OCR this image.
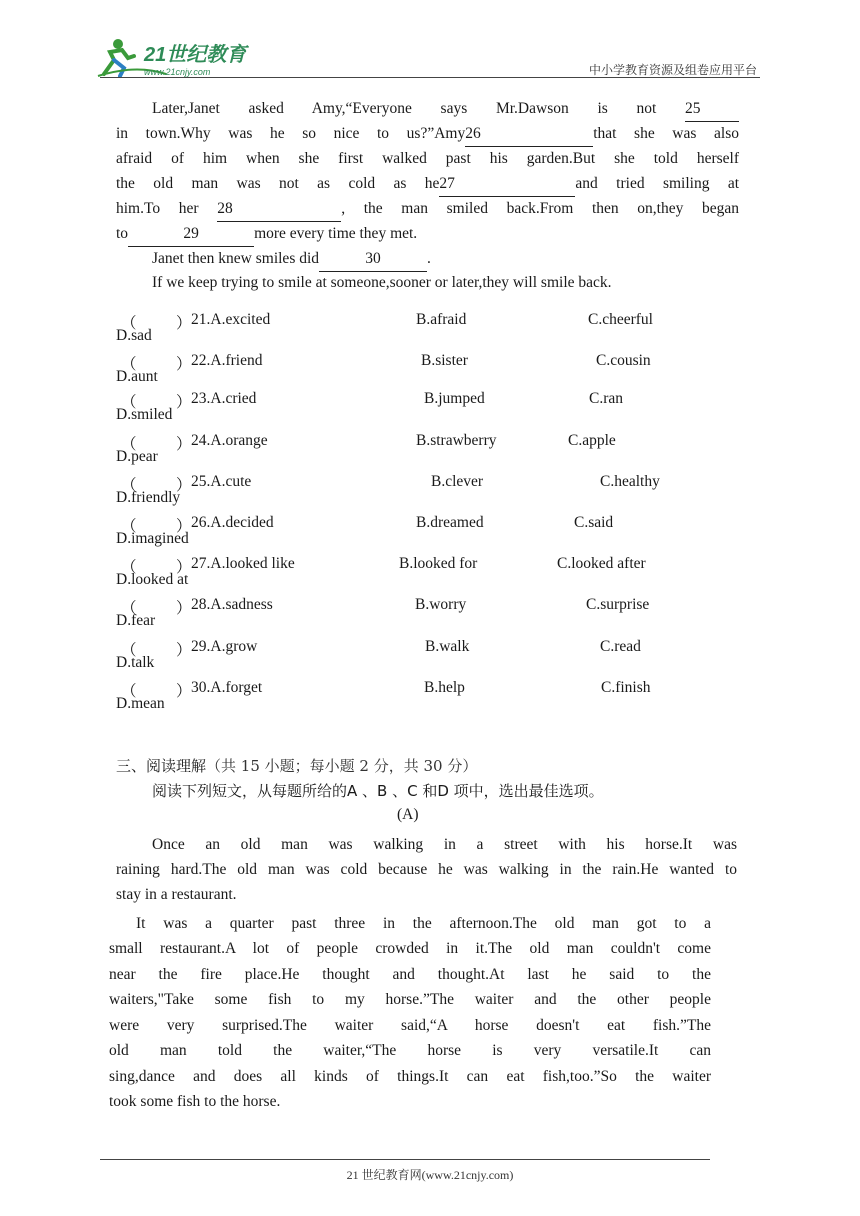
21世纪教育
www.21cnjy.com	中小学教育资源及组卷应用平台
Later,Janet asked Amy,“Everyone says Mr.Dawson is not 25
in town.Why was he so nice to us?”Amy26	that she was also
afraid of him when she first walked past his garden.But she told herself
the old man was not as cold as he27	and tried smiling at
him.To her 28	, the man smiled back.From then on,they began
to	29	more every time they met.
Janet then knew smiles did	30	.
If we keep trying to smile at someone,sooner or later,they will smile back.
（	） 21.A.excited	B.afraid	C.cheerful
D.sad
（	） 22.A.friend	B.sister	C.cousin
D.aunt
（	） 23.A.cried	B.jumped	C.ran
D.smiled
（	） 24.A.orange	B.strawberry	C.apple
D.pear
（	） 25.A.cute	B.clever	C.healthy
D.friendly
（	） 26.A.decided	B.dreamed	C.said
D.imagined
（	） 27.A.looked like	B.looked for	C.looked after
D.looked at
（	） 28.A.sadness	B.worry	C.surprise
D.fear
（	） 29.A.grow	B.walk	C.read
D.talk
（	） 30.A.forget	B.help	C.finish
D.mean
三、阅读理解（共 15 小题；每小题 2 分，共 30 分）
阅读下列短文，从每题所给的A 、B 、C 和D 项中，选出最佳选项。
(A)
Once an old man was walking in a street with his horse.It was
raining hard.The old man was cold because he was walking in the rain.He wanted to
stay in a restaurant.
It was a quarter past three in the afternoon.The old man got to a
small restaurant.A lot of people crowded in it.The old man couldn't come
near the fire place.He thought and thought.At last he said to the
waiters,"Take some fish to my horse.”The waiter and the other people
were very surprised.The waiter said,“A horse doesn't eat fish.”The
old man told the waiter,“The horse is very versatile.It can
sing,dance and does all kinds of things.It can eat fish,too.”So the waiter
took some fish to the horse.
21 世纪教育网(www.21cnjy.com)
